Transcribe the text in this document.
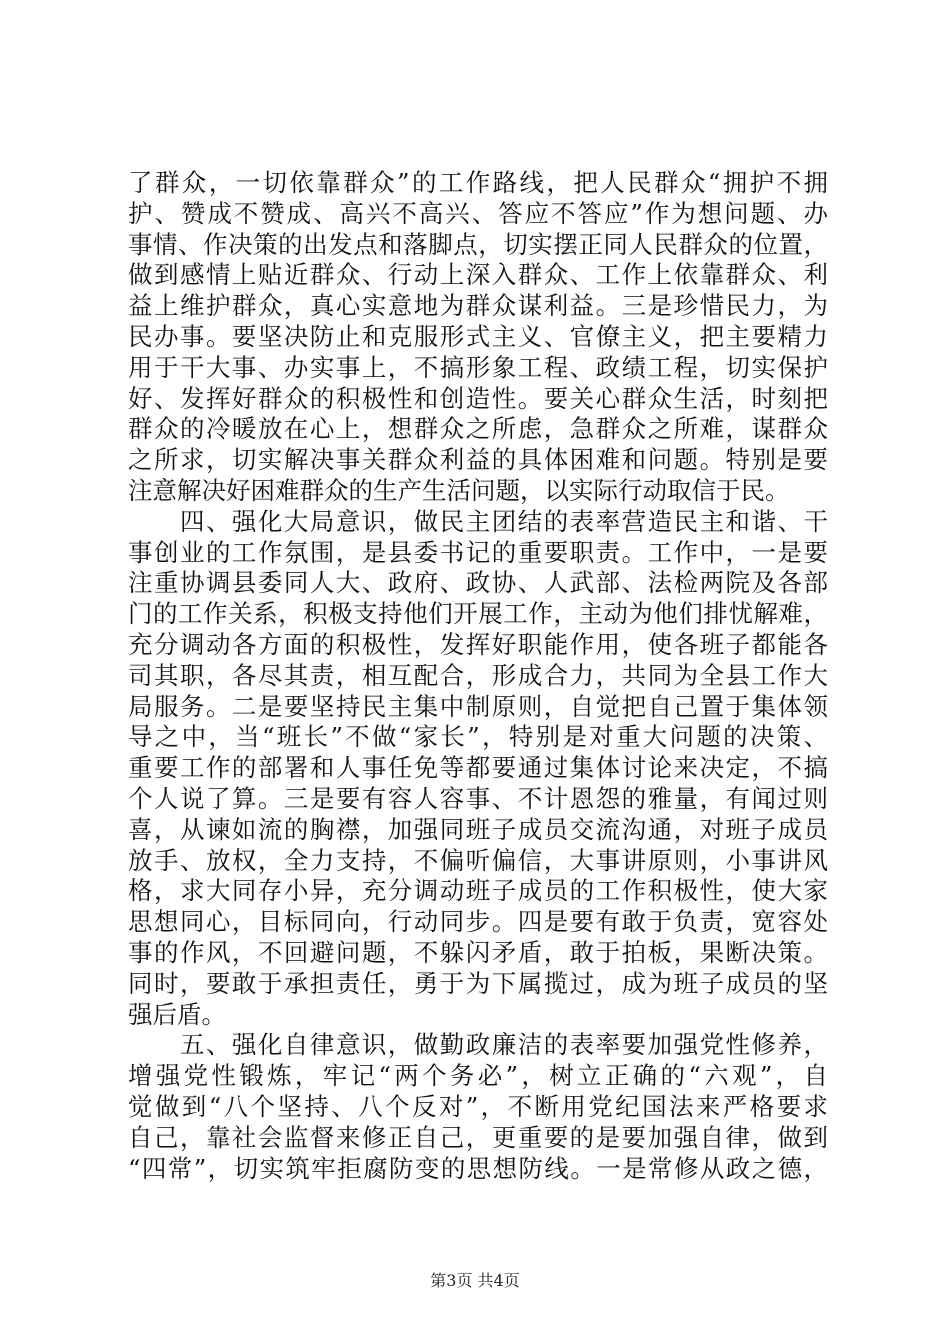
了群众，一切依靠群众”的工作路线，把人民群众“拥护不拥
护、赞成不赞成、高兴不高兴、答应不答应”作为想问题、办
事情、作决策的出发点和落脚点，切实摆正同人民群众的位置，
做到感情上贴近群众、行动上深入群众、工作上依靠群众、利
益上维护群众，真心实意地为群众谋利益。三是珍惜民力，为
民办事。要坚决防止和克服形式主义、官僚主义，把主要精力
用于干大事、办实事上，不搞形象工程、政绩工程，切实保护
好、发挥好群众的积极性和创造性。要关心群众生活，时刻把
群众的冷暖放在心上，想群众之所虑，急群众之所难，谋群众
之所求，切实解决事关群众利益的具体困难和问题。特别是要
注意解决好困难群众的生产生活问题，以实际行动取信于民。
　　四、强化大局意识，做民主团结的表率营造民主和谐、干
事创业的工作氛围，是县委书记的重要职责。工作中，一是要
注重协调县委同人大、政府、政协、人武部、法检两院及各部
门的工作关系，积极支持他们开展工作，主动为他们排忧解难，
充分调动各方面的积极性，发挥好职能作用，使各班子都能各
司其职，各尽其责，相互配合，形成合力，共同为全县工作大
局服务。二是要坚持民主集中制原则，自觉把自己置于集体领
导之中，当“班长”不做“家长”，特别是对重大问题的决策、
重要工作的部署和人事任免等都要通过集体讨论来决定，不搞
个人说了算。三是要有容人容事、不计恩怨的雅量，有闻过则
喜，从谏如流的胸襟，加强同班子成员交流沟通，对班子成员
放手、放权，全力支持，不偏听偏信，大事讲原则，小事讲风
格，求大同存小异，充分调动班子成员的工作积极性，使大家
思想同心，目标同向，行动同步。四是要有敢于负责，宽容处
事的作风，不回避问题，不躲闪矛盾，敢于拍板，果断决策。
同时，要敢于承担责任，勇于为下属揽过，成为班子成员的坚
强后盾。
　　五、强化自律意识，做勤政廉洁的表率要加强党性修养，
增强党性锻炼，牢记“两个务必”，树立正确的“六观”，自
觉做到“八个坚持、八个反对”，不断用党纪国法来严格要求
自己，靠社会监督来修正自己，更重要的是要加强自律，做到
“四常”，切实筑牢拒腐防变的思想防线。一是常修从政之德，
第3页 共4页
